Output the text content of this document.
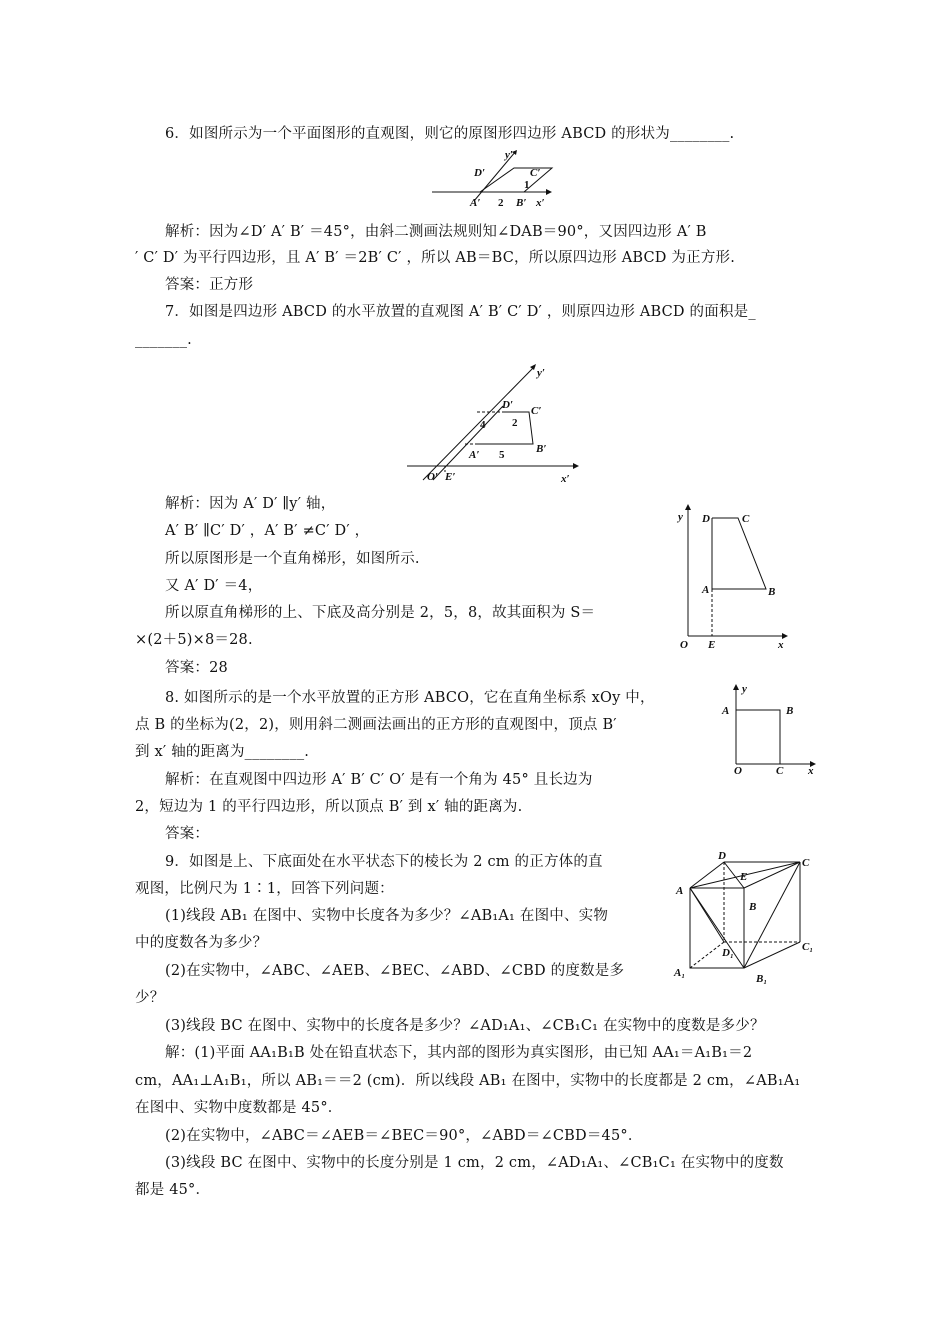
6．如图所示为一个平面图形的直观图，则它的原图形四边形 ABCD 的形状为________.
D′
y′
C′
1
A′ 2 B′ x′
解析：因为∠D′ A′ B′ ＝45°，由斜二测画法规则知∠DAB＝90°，又因四边形 A′ B
′ C′ D′ 为平行四边形，且 A′ B′ ＝2B′ C′ ，所以 AB＝BC，所以原四边形 ABCD 为正方形.
答案：正方形
7．如图是四边形 ABCD 的水平放置的直观图 A′ B′ C′ D′ ，则原四边形 ABCD 的面积是_
_______.
y′
D′ C′
4 2
A′ 5	B′
O′ E′	x′
解析：因为 A′ D′ ∥y′ 轴，
A′ B′ ∥C′ D′ ，A′ B′ ≠C′ D′ ，
所以原图形是一个直角梯形，如图所示.
又 A′ D′ ＝4，
所以原直角梯形的上、下底及高分别是 2，5，8，故其面积为 S＝
×(2＋5)×8＝28.
答案：28
y D	C
A	B
O E	x
8. 如图所示的是一个水平放置的正方形 ABCO，它在直角坐标系 xOy 中，
点 B 的坐标为(2，2)，则用斜二测画法画出的正方形的直观图中，顶点 B′
到 x′ 轴的距离为________.
解析：在直观图中四边形 A′ B′ C′ O′ 是有一个角为 45° 且长边为
2，短边为 1 的平行四边形，所以顶点 B′ 到 x′ 轴的距离为.
答案：
y
A	B
O	C x
9．如图是上、下底面处在水平状态下的棱长为 2 cm 的正方体的直
观图，比例尺为 1∶1，回答下列问题：
(1)线段 AB₁ 在图中、实物中长度各为多少？∠AB₁A₁ 在图中、实物
中的度数各为多少？
(2)在实物中，∠ABC、∠AEB、∠BEC、∠ABD、∠CBD 的度数是多
少？
(3)线段 BC 在图中、实物中的长度各是多少？∠AD₁A₁、∠CB₁C₁ 在实物中的度数是多少？
解：(1)平面 AA₁B₁B 处在铅直状态下，其内部的图形为真实图形，由已知 AA₁＝A₁B₁＝2
cm，AA₁⊥A₁B₁，所以 AB₁＝＝2 (cm)．所以线段 AB₁ 在图中，实物中的长度都是 2 cm，∠AB₁A₁
在图中、实物中度数都是 45°．
(2)在实物中，∠ABC＝∠AEB＝∠BEC＝90°，∠ABD＝∠CBD＝45°．
(3)线段 BC 在图中、实物中的长度分别是 1 cm，2 cm，∠AD₁A₁、∠CB₁C₁ 在实物中的度数
都是 45°．
D
C
E
A
B
D₁	C₁
A₁	B₁
